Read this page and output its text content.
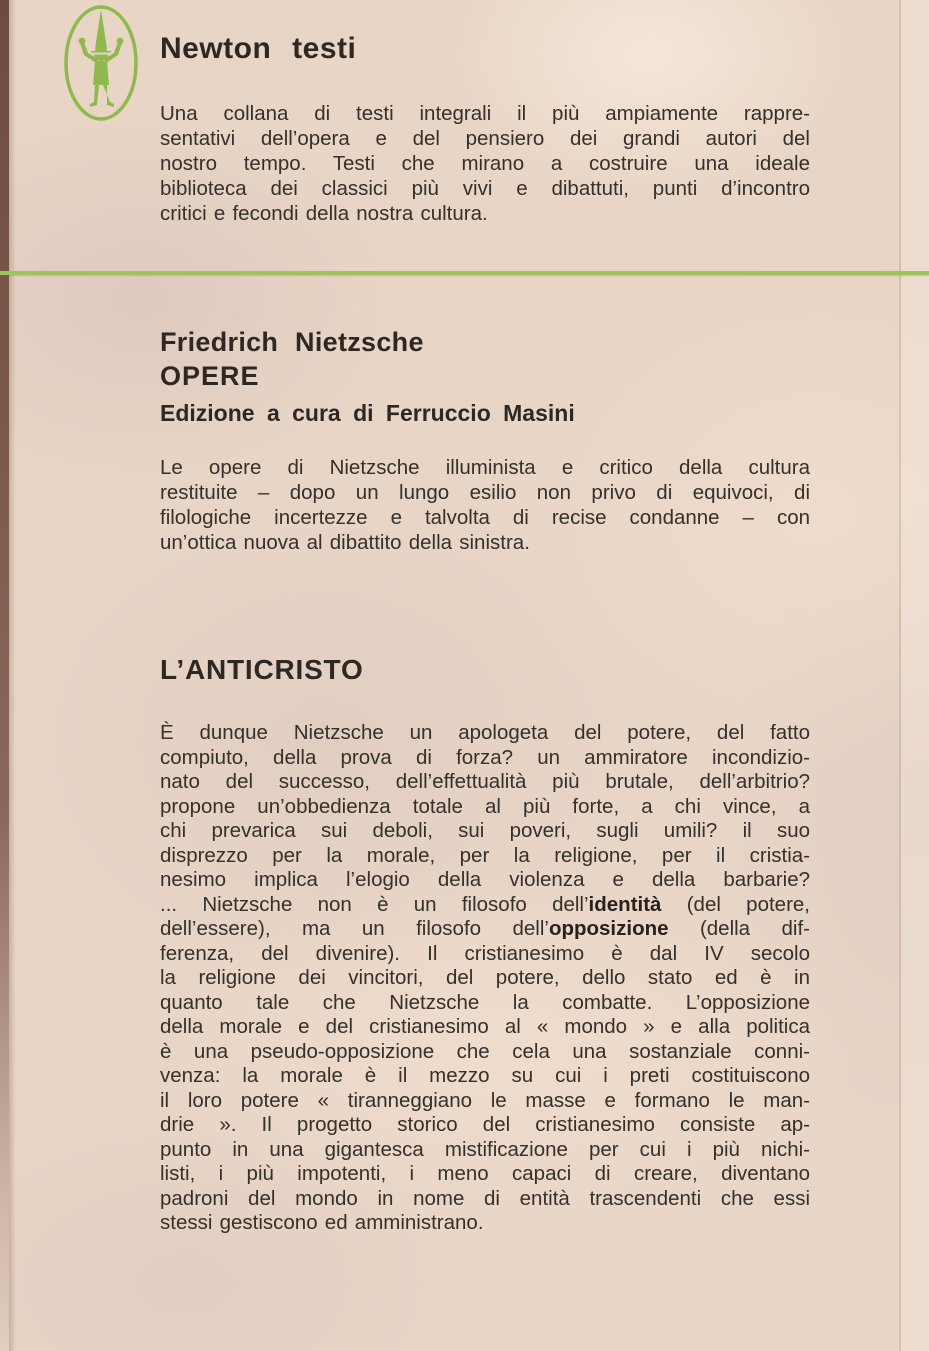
Newton testi
Una collana di testi integrali il più ampiamente rappre-
sentativi dell’opera e del pensiero dei grandi autori del
nostro tempo. Testi che mirano a costruire una ideale
biblioteca dei classici più vivi e dibattuti, punti d’incontro
critici e fecondi della nostra cultura.
Friedrich Nietzsche
OPERE
Edizione a cura di Ferruccio Masini
Le opere di Nietzsche illuminista e critico della cultura
restituite – dopo un lungo esilio non privo di equivoci, di
filologiche incertezze e talvolta di recise condanne – con
un’ottica nuova al dibattito della sinistra.
L’ANTICRISTO
È dunque Nietzsche un apologeta del potere, del fatto
compiuto, della prova di forza? un ammiratore incondizio-
nato del successo, dell’effettualità più brutale, dell’arbitrio?
propone un’obbedienza totale al più forte, a chi vince, a
chi prevarica sui deboli, sui poveri, sugli umili? il suo
disprezzo per la morale, per la religione, per il cristia-
nesimo implica l’elogio della violenza e della barbarie?
... Nietzsche non è un filosofo dell’identità (del potere,
dell’essere), ma un filosofo dell’opposizione (della dif-
ferenza, del divenire). Il cristianesimo è dal IV secolo
la religione dei vincitori, del potere, dello stato ed è in
quanto tale che Nietzsche la combatte. L’opposizione
della morale e del cristianesimo al « mondo » e alla politica
è una pseudo-opposizione che cela una sostanziale conni-
venza: la morale è il mezzo su cui i preti costituiscono
il loro potere « tiranneggiano le masse e formano le man-
drie ». Il progetto storico del cristianesimo consiste ap-
punto in una gigantesca mistificazione per cui i più nichi-
listi, i più impotenti, i meno capaci di creare, diventano
padroni del mondo in nome di entità trascendenti che essi
stessi gestiscono ed amministrano.
